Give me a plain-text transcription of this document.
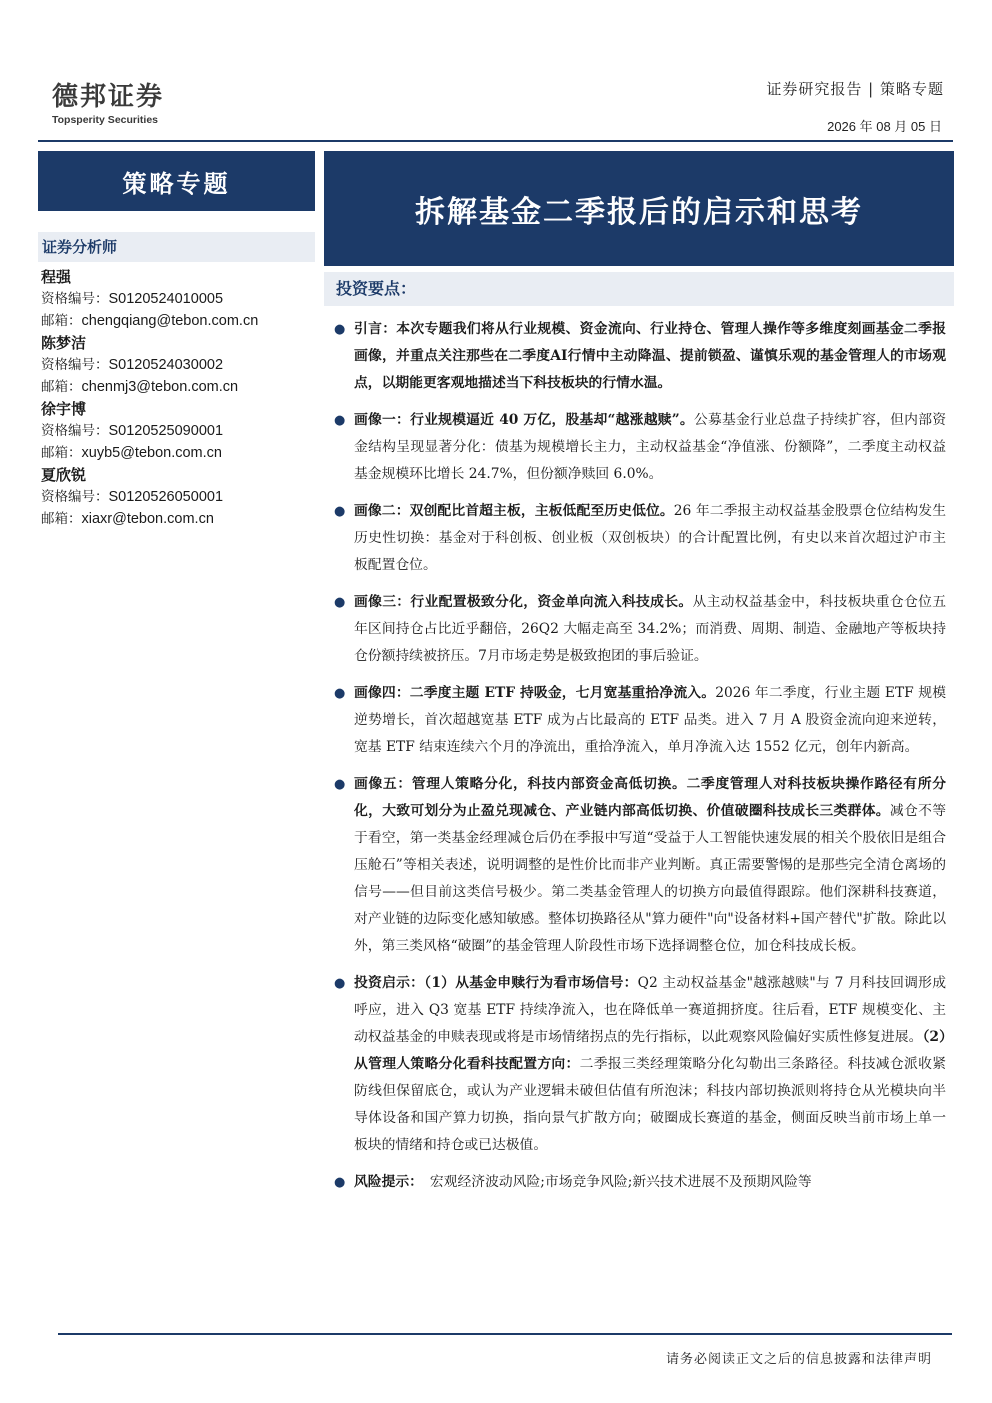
德邦证券
Topsperity Securities
证券研究报告 | 策略专题
2026 年 08 月 05 日
策略专题
拆解基金二季报后的启示和思考
证券分析师
程强
资格编号：S0120524010005
邮箱：chengqiang@tebon.com.cn
陈梦洁
资格编号：S0120524030002
邮箱：chenmj3@tebon.com.cn
徐宇博
资格编号：S0120525090001
邮箱：xuyb5@tebon.com.cn
夏欣锐
资格编号：S0120526050001
邮箱：xiaxr@tebon.com.cn
投资要点：
● 引言：本次专题我们将从行业规模、资金流向、行业持仓、管理人操作等多维度刻画基金二季报画像，并重点关注那些在二季度AI行情中主动降温、提前锁盈、谨慎乐观的基金管理人的市场观点，以期能更客观地描述当下科技板块的行情水温。
● 画像一：行业规模逼近 40 万亿，股基却“越涨越赎”。公募基金行业总盘子持续扩容，但内部资金结构呈现显著分化：债基为规模增长主力，主动权益基金“净值涨、份额降”，二季度主动权益基金规模环比增长 24.7%，但份额净赎回 6.0%。
● 画像二：双创配比首超主板，主板低配至历史低位。26 年二季报主动权益基金股票仓位结构发生历史性切换：基金对于科创板、创业板（双创板块）的合计配置比例，有史以来首次超过沪市主板配置仓位。
● 画像三：行业配置极致分化，资金单向流入科技成长。从主动权益基金中，科技板块重仓仓位五年区间持仓占比近乎翻倍，26Q2 大幅走高至 34.2%；而消费、周期、制造、金融地产等板块持仓份额持续被挤压。7月市场走势是极致抱团的事后验证。
● 画像四：二季度主题 ETF 持吸金，七月宽基重拾净流入。2026 年二季度，行业主题 ETF 规模逆势增长，首次超越宽基 ETF 成为占比最高的 ETF 品类。进入 7 月 A 股资金流向迎来逆转，宽基 ETF 结束连续六个月的净流出，重拾净流入，单月净流入达 1552 亿元，创年内新高。
● 画像五：管理人策略分化，科技内部资金高低切换。二季度管理人对科技板块操作路径有所分化，大致可划分为止盈兑现减仓、产业链内部高低切换、价值破圈科技成长三类群体。减仓不等于看空，第一类基金经理减仓后仍在季报中写道“受益于人工智能快速发展的相关个股依旧是组合压舱石”等相关表述，说明调整的是性价比而非产业判断。真正需要警惕的是那些完全清仓离场的信号——但目前这类信号极少。第二类基金管理人的切换方向最值得跟踪。他们深耕科技赛道，对产业链的边际变化感知敏感。整体切换路径从"算力硬件"向"设备材料+国产替代"扩散。除此以外，第三类风格“破圈”的基金管理人阶段性市场下选择调整仓位，加仓科技成长板。
● 投资启示：（1）从基金申赎行为看市场信号：Q2 主动权益基金"越涨越赎"与 7 月科技回调形成呼应，进入 Q3 宽基 ETF 持续净流入，也在降低单一赛道拥挤度。往后看，ETF 规模变化、主动权益基金的申赎表现或将是市场情绪拐点的先行指标，以此观察风险偏好实质性修复进展。（2）从管理人策略分化看科技配置方向：二季报三类经理策略分化勾勒出三条路径。科技减仓派收紧防线但保留底仓，或认为产业逻辑未破但估值有所泡沫；科技内部切换派则将持仓从光模块向半导体设备和国产算力切换，指向景气扩散方向；破圈成长赛道的基金，侧面反映当前市场上单一板块的情绪和持仓或已达极值。
● 风险提示：　宏观经济波动风险;市场竞争风险;新兴技术进展不及预期风险等
请务必阅读正文之后的信息披露和法律声明
